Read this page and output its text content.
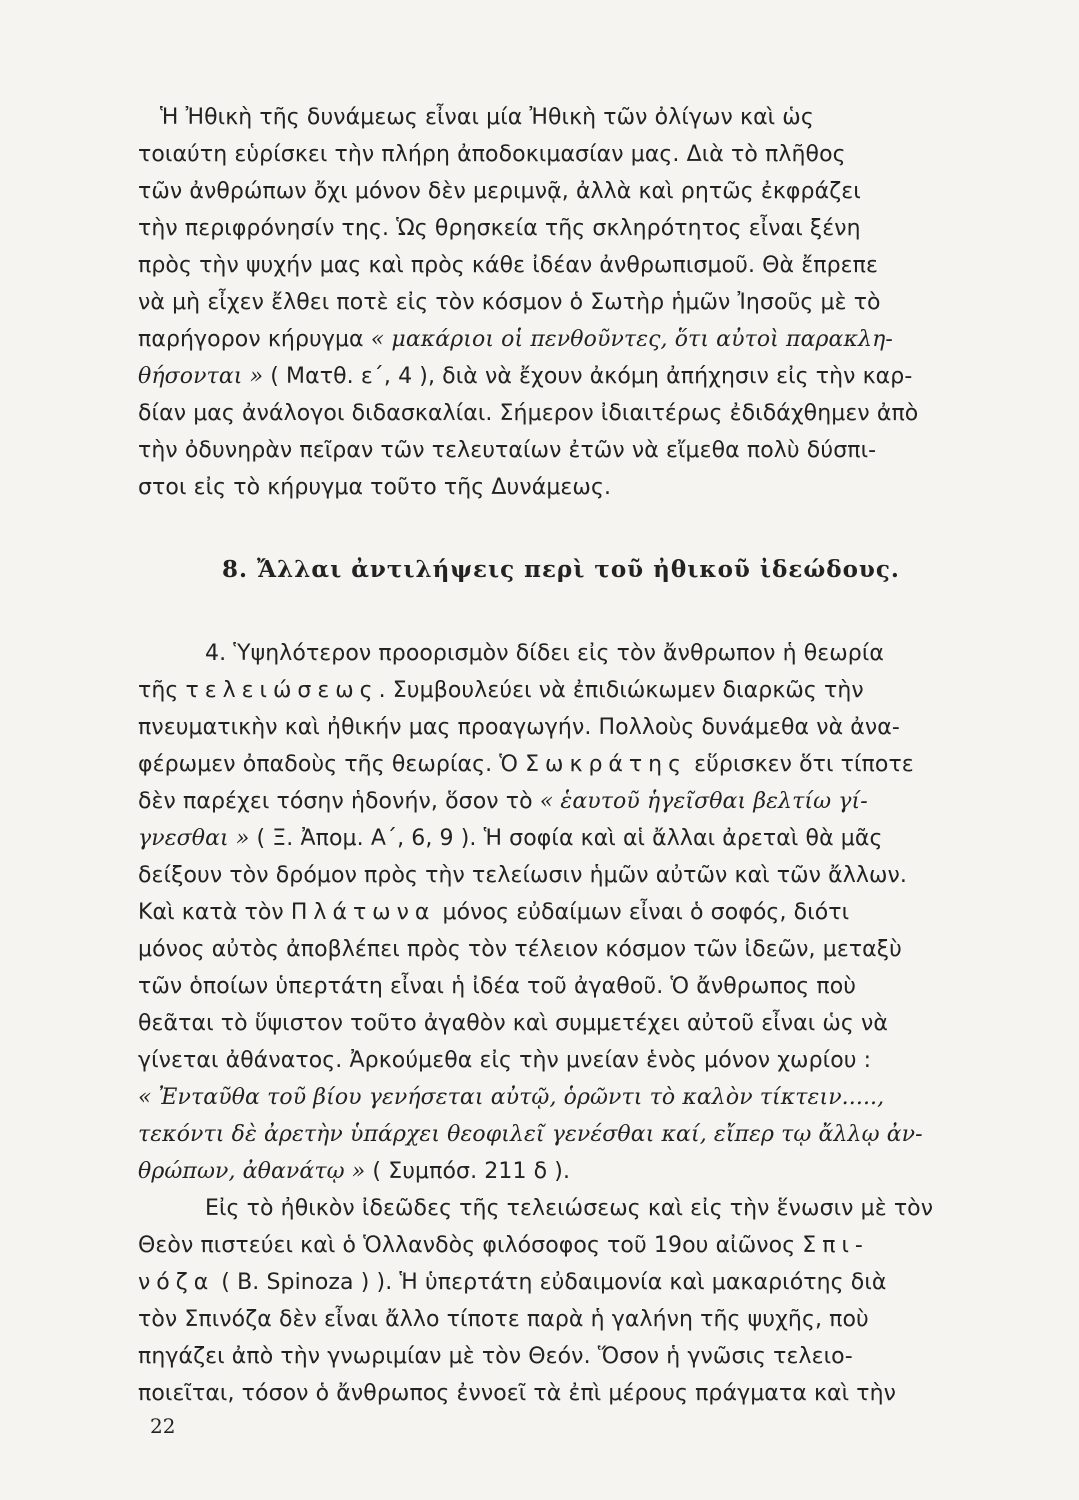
Ἡ Ἠθικὴ τῆς δυνάμεως εἶναι μία Ἠθικὴ τῶν ὀλίγων καὶ ὡς
τοιαύτη εὑρίσκει τὴν πλήρη ἀποδοκιμασίαν μας. Διὰ τὸ πλῆθος
τῶν ἀνθρώπων ὄχι μόνον δὲν μεριμνᾷ, ἀλλὰ καὶ ρητῶς ἐκφράζει
τὴν περιφρόνησίν της. Ὡς θρησκεία τῆς σκληρότητος εἶναι ξένη
πρὸς τὴν ψυχήν μας καὶ πρὸς κάθε ἰδέαν ἀνθρωπισμοῦ. Θὰ ἔπρεπε
νὰ μὴ εἶχεν ἔλθει ποτὲ εἰς τὸν κόσμον ὁ Σωτὴρ ἡμῶν Ἰησοῦς μὲ τὸ
παρήγορον κήρυγμα « μακάριοι οἱ πενθοῦντες, ὅτι αὐτοὶ παρακλη-
θήσονται » ( Ματθ. ε΄, 4 ), διὰ νὰ ἔχουν ἀκόμη ἀπήχησιν εἰς τὴν καρ-
δίαν μας ἀνάλογοι διδασκαλίαι. Σήμερον ἰδιαιτέρως ἐδιδάχθημεν ἀπὸ
τὴν ὀδυνηρὰν πεῖραν τῶν τελευταίων ἐτῶν νὰ εἴμεθα πολὺ δύσπι-
στοι εἰς τὸ κήρυγμα τοῦτο τῆς Δυνάμεως.
8. Ἄλλαι ἀντιλήψεις περὶ τοῦ ἠθικοῦ ἰδεώδους.
4. Ὑψηλότερον προορισμὸν δίδει εἰς τὸν ἄνθρωπον ἡ θεωρία
τῆς τελειώσεως. Συμβουλεύει νὰ ἐπιδιώκωμεν διαρκῶς τὴν
πνευματικὴν καὶ ἠθικήν μας προαγωγήν. Πολλοὺς δυνάμεθα νὰ ἀνα-
φέρωμεν ὀπαδοὺς τῆς θεωρίας. Ὁ Σωκράτης εὕρισκεν ὅτι τίποτε
δὲν παρέχει τόσην ἡδονήν, ὅσον τὸ « ἑαυτοῦ ἡγεῖσθαι βελτίω γί-
γνεσθαι » ( Ξ. Ἀπομ. Α΄, 6, 9 ). Ἡ σοφία καὶ αἱ ἄλλαι ἀρεταὶ θὰ μᾶς
δείξουν τὸν δρόμον πρὸς τὴν τελείωσιν ἡμῶν αὐτῶν καὶ τῶν ἄλλων.
Καὶ κατὰ τὸν Πλάτωνα μόνος εὐδαίμων εἶναι ὁ σοφός, διότι
μόνος αὐτὸς ἀποβλέπει πρὸς τὸν τέλειον κόσμον τῶν ἰδεῶν, μεταξὺ
τῶν ὁποίων ὑπερτάτη εἶναι ἡ ἰδέα τοῦ ἀγαθοῦ. Ὁ ἄνθρωπος ποὺ
θεᾶται τὸ ὕψιστον τοῦτο ἀγαθὸν καὶ συμμετέχει αὐτοῦ εἶναι ὡς νὰ
γίνεται ἀθάνατος. Ἀρκούμεθα εἰς τὴν μνείαν ἑνὸς μόνον χωρίου :
« Ἐνταῦθα τοῦ βίου γενήσεται αὐτῷ, ὁρῶντι τὸ καλὸν τίκτειν.....,
τεκόντι δὲ ἀρετὴν ὑπάρχει θεοφιλεῖ γενέσθαι καί, εἴπερ τῳ ἄλλῳ ἀν-
θρώπων, ἀθανάτῳ » ( Συμπόσ. 211 δ ).
Εἰς τὸ ἠθικὸν ἰδεῶδες τῆς τελειώσεως καὶ εἰς τὴν ἕνωσιν μὲ τὸν
Θεὸν πιστεύει καὶ ὁ Ὁλλανδὸς φιλόσοφος τοῦ 19ου αἰῶνος Σπι-
νόζα ( B. Spinoza ) ). Ἡ ὑπερτάτη εὐδαιμονία καὶ μακαριότης διὰ
τὸν Σπινόζα δὲν εἶναι ἄλλο τίποτε παρὰ ἡ γαλήνη τῆς ψυχῆς, ποὺ
πηγάζει ἀπὸ τὴν γνωριμίαν μὲ τὸν Θεόν. Ὅσον ἡ γνῶσις τελειο-
ποιεῖται, τόσον ὁ ἄνθρωπος ἐννοεῖ τὰ ἐπὶ μέρους πράγματα καὶ τὴν
22
